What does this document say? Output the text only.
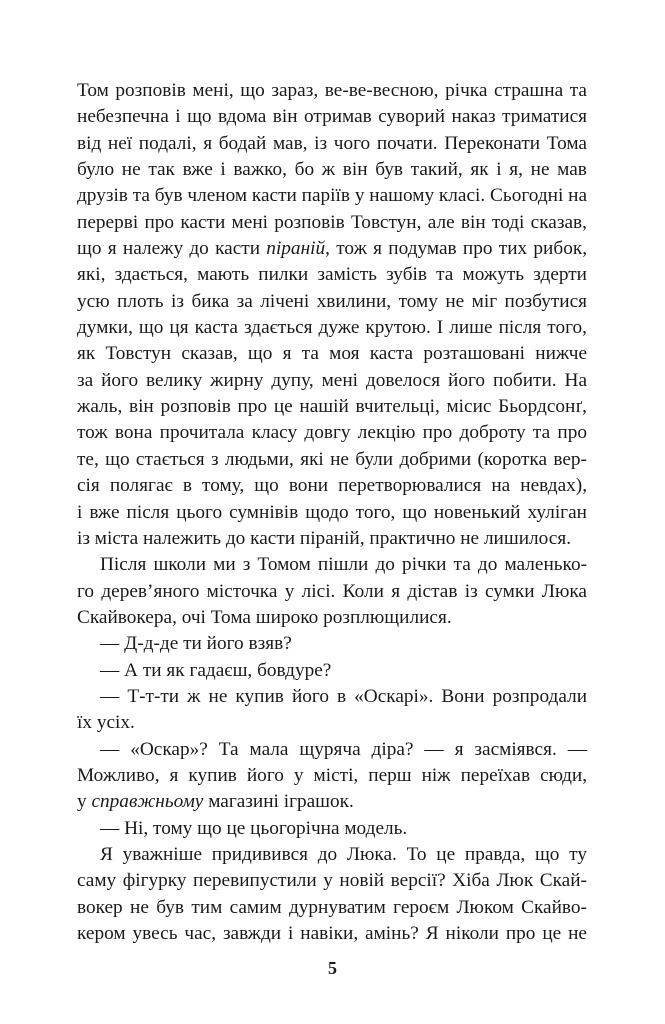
Том розповів мені, що зараз, ве-ве-весною, річка страшна та
небезпечна і що вдома він отримав суворий наказ триматися
від неї подалі, я бодай мав, із чого почати. Переконати Тома
було не так вже і важко, бо ж він був такий, як і я, не мав
друзів та був членом касти паріїв у нашому класі. Сьогодні на
перерві про касти мені розповів Товстун, але він тоді сказав,
що я належу до касти піраній, тож я подумав про тих рибок,
які, здається, мають пилки замість зубів та можуть здерти
усю плоть із бика за лічені хвилини, тому не міг позбутися
думки, що ця каста здається дуже крутою. І лише після того,
як Товстун сказав, що я та моя каста розташовані нижче
за його велику жирну дупу, мені довелося його побити. На
жаль, він розповів про це нашій вчительці, місис Бьордсонґ,
тож вона прочитала класу довгу лекцію про доброту та про
те, що стається з людьми, які не були добрими (коротка вер-
сія полягає в тому, що вони перетворювалися на невдах),
і вже після цього сумнівів щодо того, що новенький хуліган
із міста належить до касти піраній, практично не лишилося.
Після школи ми з Томом пішли до річки та до маленько-
го дерев’яного місточка у лісі. Коли я дістав із сумки Люка
Скайвокера, очі Тома широко розплющилися.
— Д-д-де ти його взяв?
— А ти як гадаєш, бовдуре?
— Т-т-ти ж не купив його в «Оскарі». Вони розпродали
їх усіх.
— «Оскар»? Та мала щуряча діра? — я засміявся. —
Можливо, я купив його у місті, перш ніж переїхав сюди,
у справжньому магазині іграшок.
— Ні, тому що це цьогорічна модель.
Я уважніше придивився до Люка. То це правда, що ту
саму фігурку перевипустили у новій версії? Хіба Люк Скай-
вокер не був тим самим дурнуватим героєм Люком Скайво-
кером увесь час, завжди і навіки, амінь? Я ніколи про це не
5
